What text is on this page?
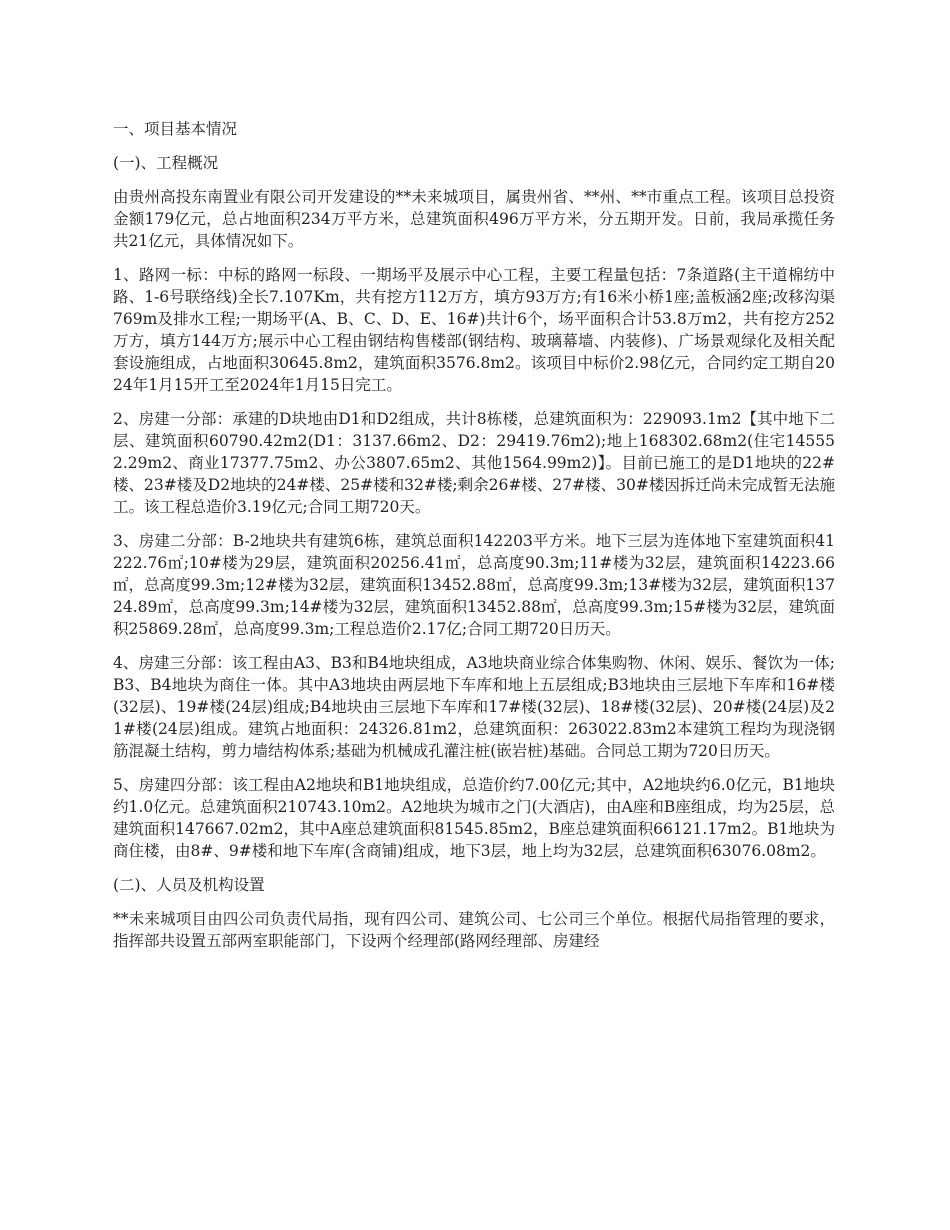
一、项目基本情况

(一)、工程概况

由贵州高投东南置业有限公司开发建设的**未来城项目，属贵州省、**州、**市重点工程。该项目总投资金额179亿元，总占地面积234万平方米，总建筑面积496万平方米，分五期开发。日前，我局承揽任务共21亿元，具体情况如下。

1、路网一标：中标的路网一标段、一期场平及展示中心工程，主要工程量包括：7条道路(主干道棉纺中路、1-6号联络线)全长7.107Km，共有挖方112万方，填方93万方;有16米小桥1座;盖板涵2座;改移沟渠769m及排水工程;一期场平(A、B、C、D、E、16#)共计6个，场平面积合计53.8万m2，共有挖方252万方，填方144万方;展示中心工程由钢结构售楼部(钢结构、玻璃幕墙、内装修)、广场景观绿化及相关配套设施组成，占地面积30645.8m2，建筑面积3576.8m2。该项目中标价2.98亿元，合同约定工期自2024年1月15开工至2024年1月15日完工。

2、房建一分部：承建的D块地由D1和D2组成，共计8栋楼，总建筑面积为：229093.1m2【其中地下二层、建筑面积60790.42m2(D1：3137.66m2、D2：29419.76m2);地上168302.68m2(住宅145552.29m2、商业17377.75m2、办公3807.65m2、其他1564.99m2)】。目前已施工的是D1地块的22#楼、23#楼及D2地块的24#楼、25#楼和32#楼;剩余26#楼、27#楼、30#楼因拆迁尚未完成暂无法施工。该工程总造价3.19亿元;合同工期720天。

3、房建二分部：B-2地块共有建筑6栋，建筑总面积142203平方米。地下三层为连体地下室建筑面积41222.76㎡;10#楼为29层，建筑面积20256.41㎡，总高度90.3m;11#楼为32层，建筑面积14223.66㎡，总高度99.3m;12#楼为32层，建筑面积13452.88㎡，总高度99.3m;13#楼为32层，建筑面积13724.89㎡，总高度99.3m;14#楼为32层，建筑面积13452.88㎡，总高度99.3m;15#楼为32层，建筑面积25869.28㎡，总高度99.3m;工程总造价2.17亿;合同工期720日历天。

4、房建三分部：该工程由A3、B3和B4地块组成，A3地块商业综合体集购物、休闲、娱乐、餐饮为一体;B3、B4地块为商住一体。其中A3地块由两层地下车库和地上五层组成;B3地块由三层地下车库和16#楼(32层)、19#楼(24层)组成;B4地块由三层地下车库和17#楼(32层)、18#楼(32层)、20#楼(24层)及21#楼(24层)组成。建筑占地面积：24326.81m2，总建筑面积：263022.83m2本建筑工程均为现浇钢筋混凝土结构，剪力墙结构体系;基础为机械成孔灌注桩(嵌岩桩)基础。合同总工期为720日历天。

5、房建四分部：该工程由A2地块和B1地块组成，总造价约7.00亿元;其中，A2地块约6.0亿元，B1地块约1.0亿元。总建筑面积210743.10m2。A2地块为城市之门(大酒店)，由A座和B座组成，均为25层，总建筑面积147667.02m2，其中A座总建筑面积81545.85m2，B座总建筑面积66121.17m2。B1地块为商住楼，由8#、9#楼和地下车库(含商铺)组成，地下3层，地上均为32层，总建筑面积63076.08m2。

(二)、人员及机构设置

**未来城项目由四公司负责代局指，现有四公司、建筑公司、七公司三个单位。根据代局指管理的要求，指挥部共设置五部两室职能部门，下设两个经理部(路网经理部、房建经
